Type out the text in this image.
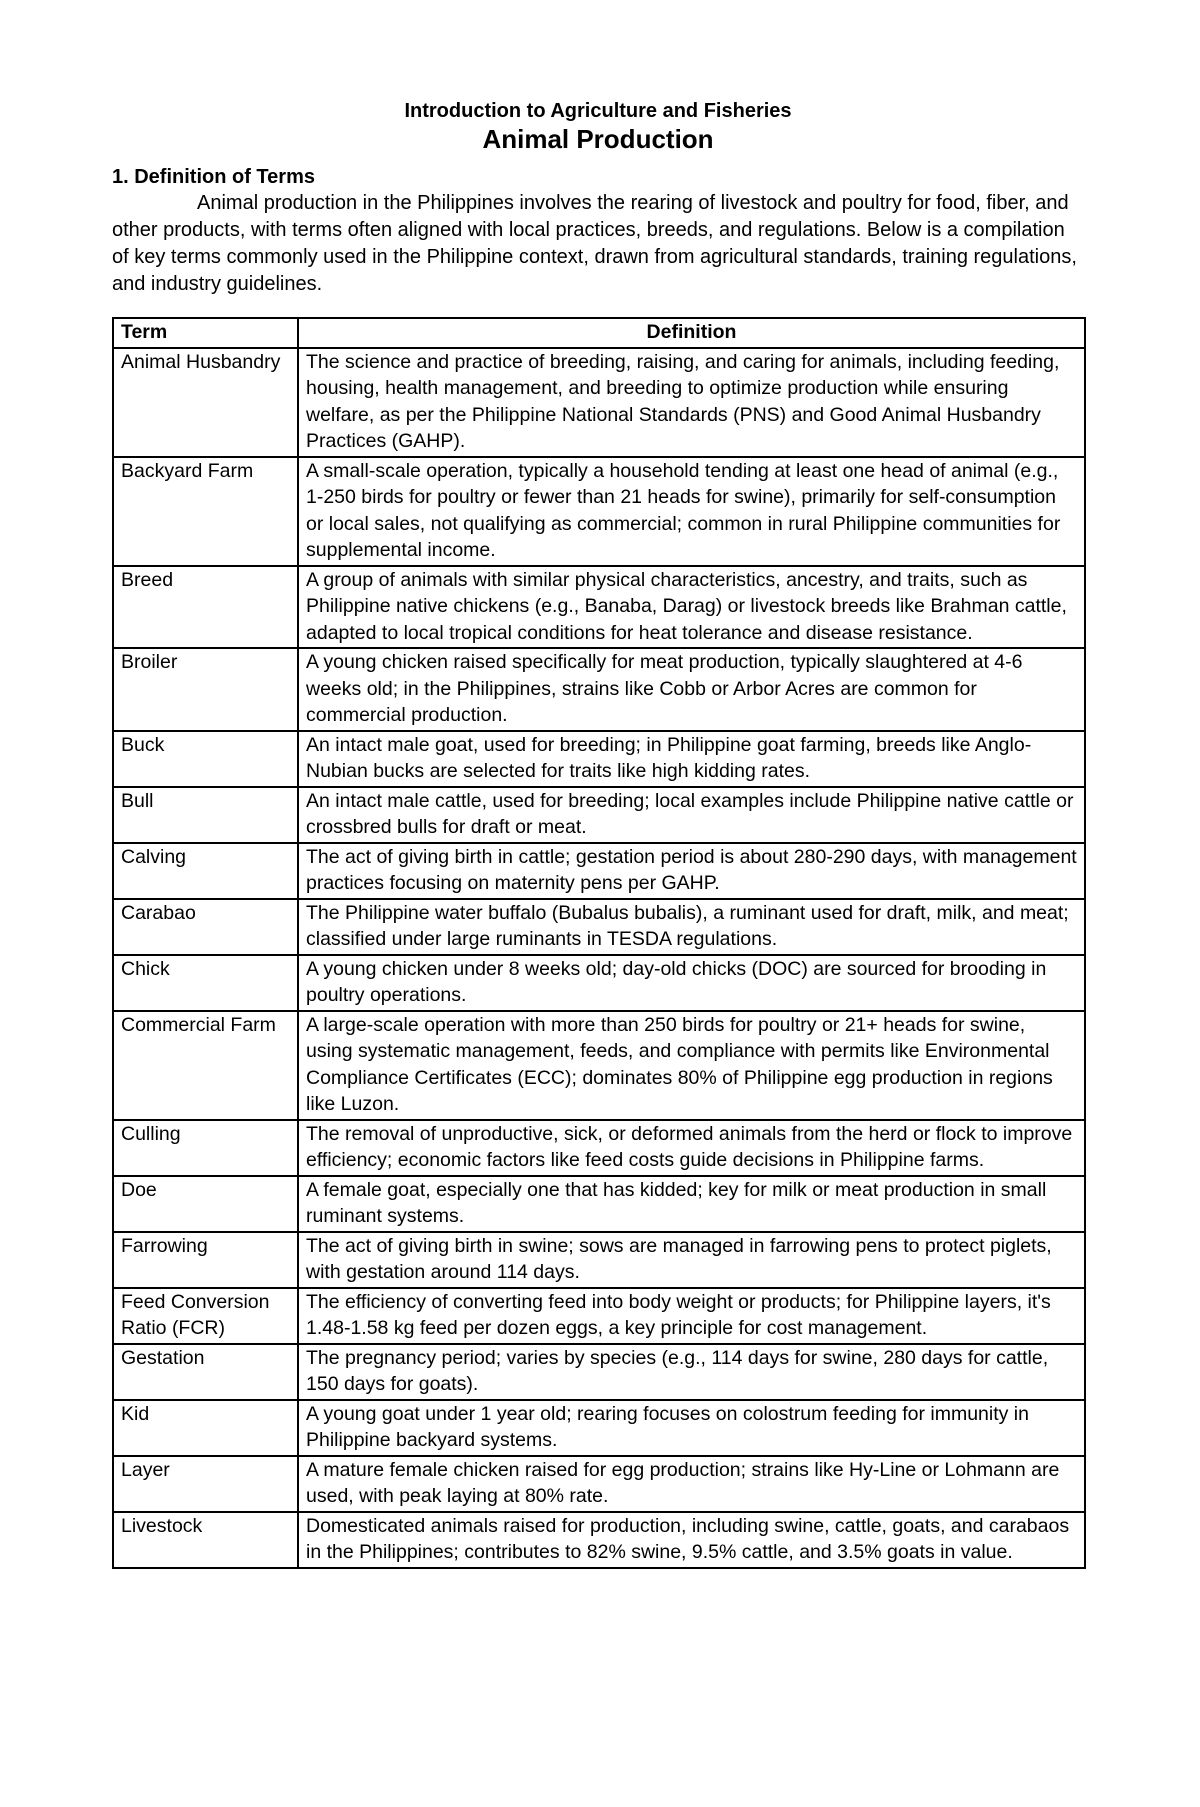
Introduction to Agriculture and Fisheries

Animal Production

1. Definition of Terms

Animal production in the Philippines involves the rearing of livestock and poultry for food, fiber, and other products, with terms often aligned with local practices, breeds, and regulations. Below is a compilation of key terms commonly used in the Philippine context, drawn from agricultural standards, training regulations, and industry guidelines.

Term	Definition
Animal Husbandry	The science and practice of breeding, raising, and caring for animals, including feeding, housing, health management, and breeding to optimize production while ensuring welfare, as per the Philippine National Standards (PNS) and Good Animal Husbandry Practices (GAHP).
Backyard Farm	A small-scale operation, typically a household tending at least one head of animal (e.g., 1-250 birds for poultry or fewer than 21 heads for swine), primarily for self-consumption or local sales, not qualifying as commercial; common in rural Philippine communities for supplemental income.
Breed	A group of animals with similar physical characteristics, ancestry, and traits, such as Philippine native chickens (e.g., Banaba, Darag) or livestock breeds like Brahman cattle, adapted to local tropical conditions for heat tolerance and disease resistance.
Broiler	A young chicken raised specifically for meat production, typically slaughtered at 4-6 weeks old; in the Philippines, strains like Cobb or Arbor Acres are common for commercial production.
Buck	An intact male goat, used for breeding; in Philippine goat farming, breeds like Anglo-Nubian bucks are selected for traits like high kidding rates.
Bull	An intact male cattle, used for breeding; local examples include Philippine native cattle or crossbred bulls for draft or meat.
Calving	The act of giving birth in cattle; gestation period is about 280-290 days, with management practices focusing on maternity pens per GAHP.
Carabao	The Philippine water buffalo (Bubalus bubalis), a ruminant used for draft, milk, and meat; classified under large ruminants in TESDA regulations.
Chick	A young chicken under 8 weeks old; day-old chicks (DOC) are sourced for brooding in poultry operations.
Commercial Farm	A large-scale operation with more than 250 birds for poultry or 21+ heads for swine, using systematic management, feeds, and compliance with permits like Environmental Compliance Certificates (ECC); dominates 80% of Philippine egg production in regions like Luzon.
Culling	The removal of unproductive, sick, or deformed animals from the herd or flock to improve efficiency; economic factors like feed costs guide decisions in Philippine farms.
Doe	A female goat, especially one that has kidded; key for milk or meat production in small ruminant systems.
Farrowing	The act of giving birth in swine; sows are managed in farrowing pens to protect piglets, with gestation around 114 days.
Feed Conversion Ratio (FCR)	The efficiency of converting feed into body weight or products; for Philippine layers, it's 1.48-1.58 kg feed per dozen eggs, a key principle for cost management.
Gestation	The pregnancy period; varies by species (e.g., 114 days for swine, 280 days for cattle, 150 days for goats).
Kid	A young goat under 1 year old; rearing focuses on colostrum feeding for immunity in Philippine backyard systems.
Layer	A mature female chicken raised for egg production; strains like Hy-Line or Lohmann are used, with peak laying at 80% rate.
Livestock	Domesticated animals raised for production, including swine, cattle, goats, and carabaos in the Philippines; contributes to 82% swine, 9.5% cattle, and 3.5% goats in value.
